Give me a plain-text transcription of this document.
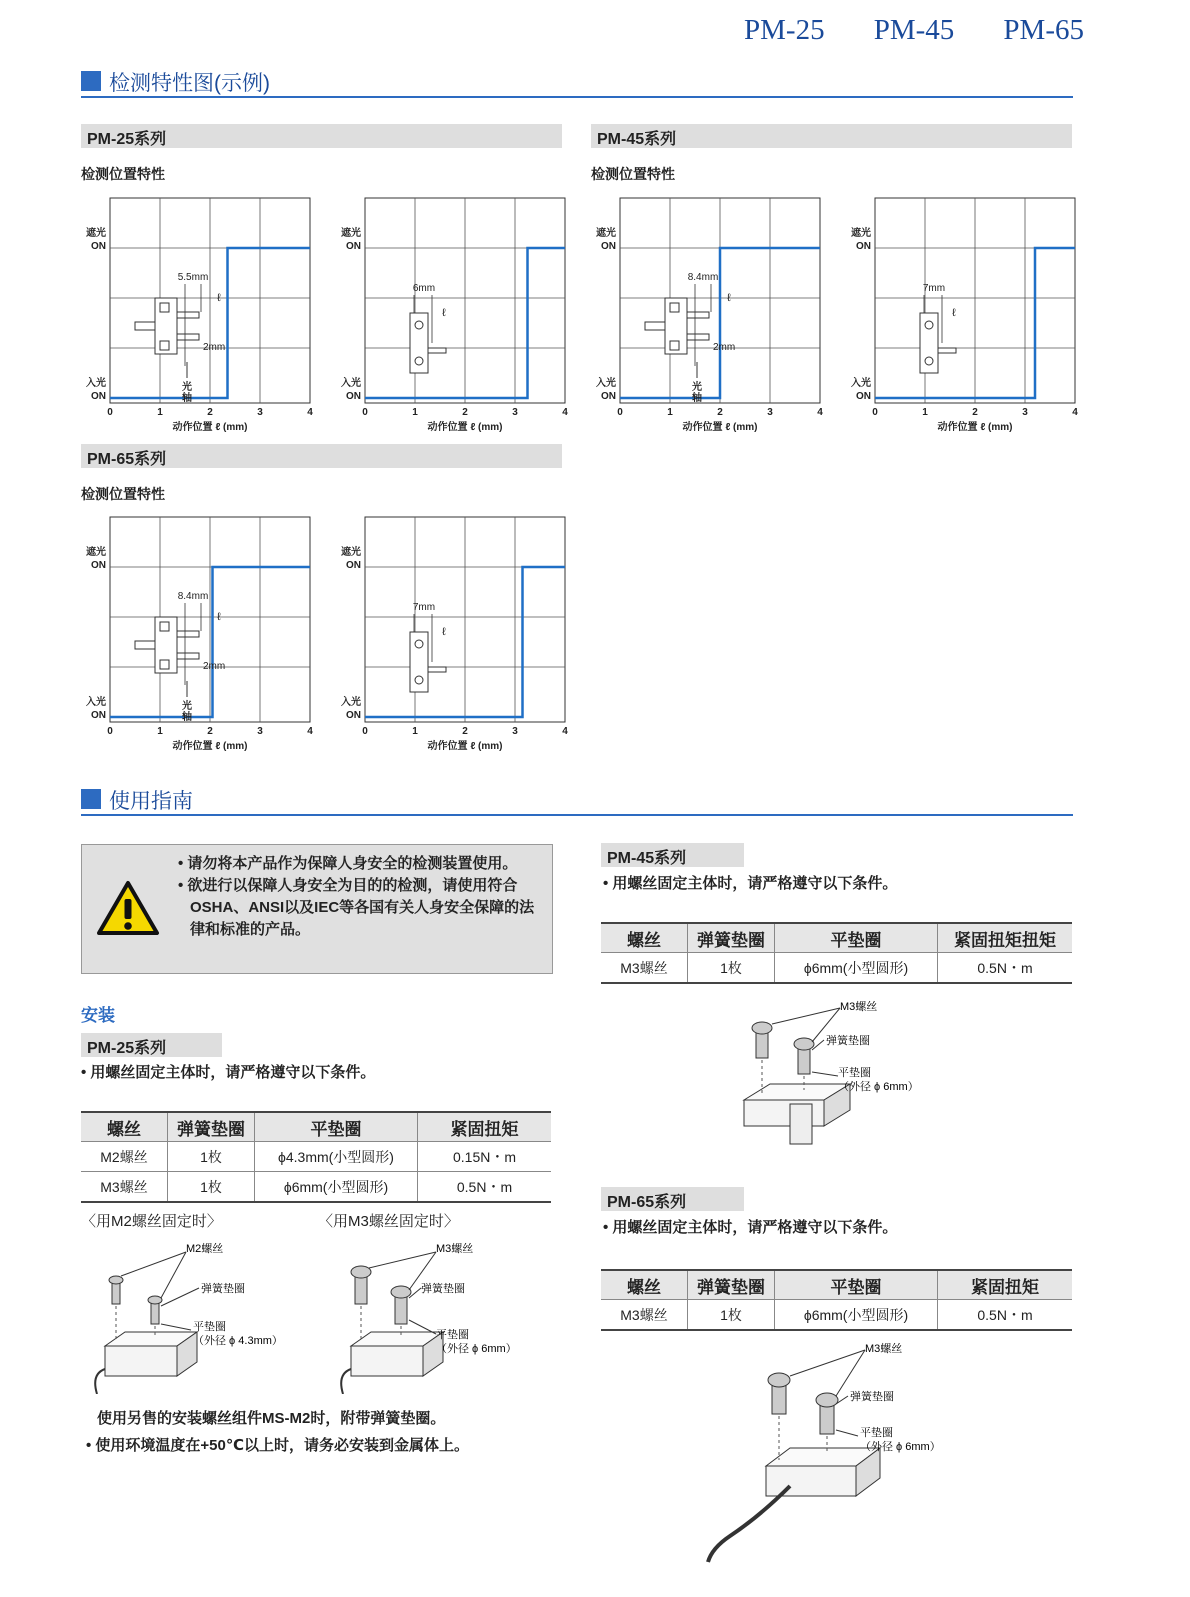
PM-25 PM-45 PM-65
检测特性图(示例)
PM-25系列
检测位置特性
PM-45系列
检测位置特性
PM-65系列
检测位置特性
0	1	2	3	4
遮光
ON
入光
ON
动作位置 ℓ (mm)
5.5mm
ℓ
2mm
光
轴
0	1	2	3	4
遮光
ON
入光
ON
动作位置 ℓ (mm)
6mm
ℓ
0	1	2	3	4
遮光
ON
入光
ON
动作位置 ℓ (mm)
8.4mm
ℓ
2mm
光
轴
0	1	2	3	4
遮光
ON
入光
ON
动作位置 ℓ (mm)
7mm
ℓ
0	1	2	3	4
遮光
ON
入光
ON
动作位置 ℓ (mm)
8.4mm
ℓ
2mm
光
轴
0	1	2	3	4
遮光
ON
入光
ON
动作位置 ℓ (mm)
7mm
ℓ
使用指南

• 请勿将本产品作为保障人身安全的检测装置使用。

• 欲进行以保障人身安全为目的的检测，请使用符合OSHA、ANSI以及IEC等各国有关人身安全保障的法律和标准的产品。

安装
PM-25系列
• 用螺丝固定主体时，请严格遵守以下条件。
螺丝	弹簧垫圈	平垫圈	紧固扭矩
M2螺丝	1枚	ϕ4.3mm(小型圆形)	0.15N・m
M3螺丝	1枚	ϕ6mm(小型圆形)	0.5N・m
〈用M2螺丝固定时〉	〈用M3螺丝固定时〉
M2螺丝
弹簧垫圈
平垫圈
（外径 ϕ 4.3mm）
M3螺丝
弹簧垫圈
平垫圈
（外径 ϕ 6mm）
使用另售的安装螺丝组件MS-M2时，附带弹簧垫圈。
• 使用环境温度在+50℃以上时，请务必安装到金属体上。
PM-45系列
• 用螺丝固定主体时，请严格遵守以下条件。
螺丝	弹簧垫圈	平垫圈	紧固扭矩扭矩
M3螺丝	1枚	ϕ6mm(小型圆形)	0.5N・m
M3螺丝
弹簧垫圈
平垫圈
（外径 ϕ 6mm）
PM-65系列
• 用螺丝固定主体时，请严格遵守以下条件。
螺丝	弹簧垫圈	平垫圈	紧固扭矩
M3螺丝	1枚	ϕ6mm(小型圆形)	0.5N・m
M3螺丝
弹簧垫圈
平垫圈
（外径 ϕ 6mm）
